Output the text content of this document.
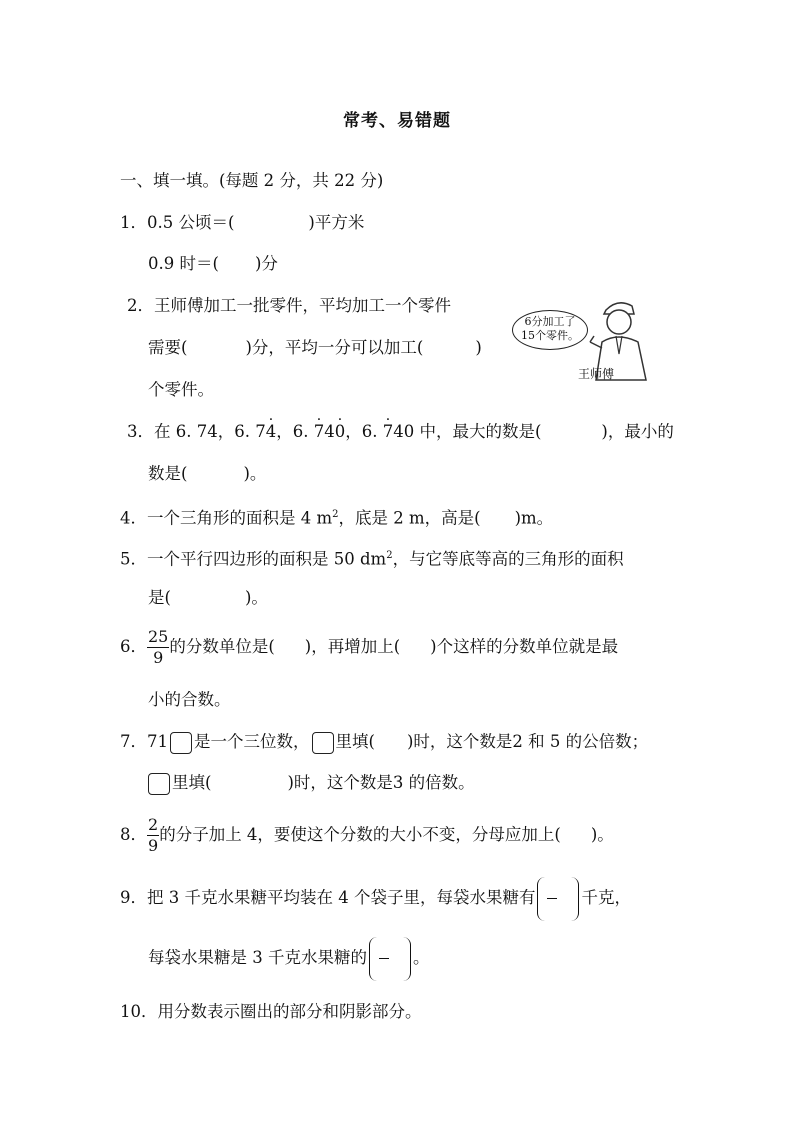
常考、易错题
一、填一填。(每题 2 分，共 22 分)
1．0.5 公顷＝(	)平方米
0.9 时＝( )分
2．王师傅加工一批零件，平均加工一个零件
需要(	)分，平均一分可以加工(	)
个零件。
6分加工了
15个零件。
王师傅
3．在 6. 74，6. 74 ·，6. 7 ·40 ·，6. 7 ·40 中，最大的数是(	)，最小的
数是(	)。
4．一个三角形的面积是 4 $m^2$，底是 2 m，高是( )m。
5．一个平行四边形的面积是 50 $dm^2$，与它等底等高的三角形的面积
是(	)。
6． $\frac{25}{9}$ 的分数单位是( )，再增加上( )个这样的分数单位就是最
小的合数。
7．71 是一个三位数， 里填( )时，这个数是2 和 5 的公倍数；
里填(	)时，这个数是3 的倍数。
8． $\frac{2}{9}$ 的分子加上 4，要使这个分数的大小不变，分母应加上( )。
9．把 3 千克水果糖平均装在 4 个袋子里，每袋水果糖有	千克，
每袋水果糖是 3 千克水果糖的	。
10．用分数表示圈出的部分和阴影部分。
